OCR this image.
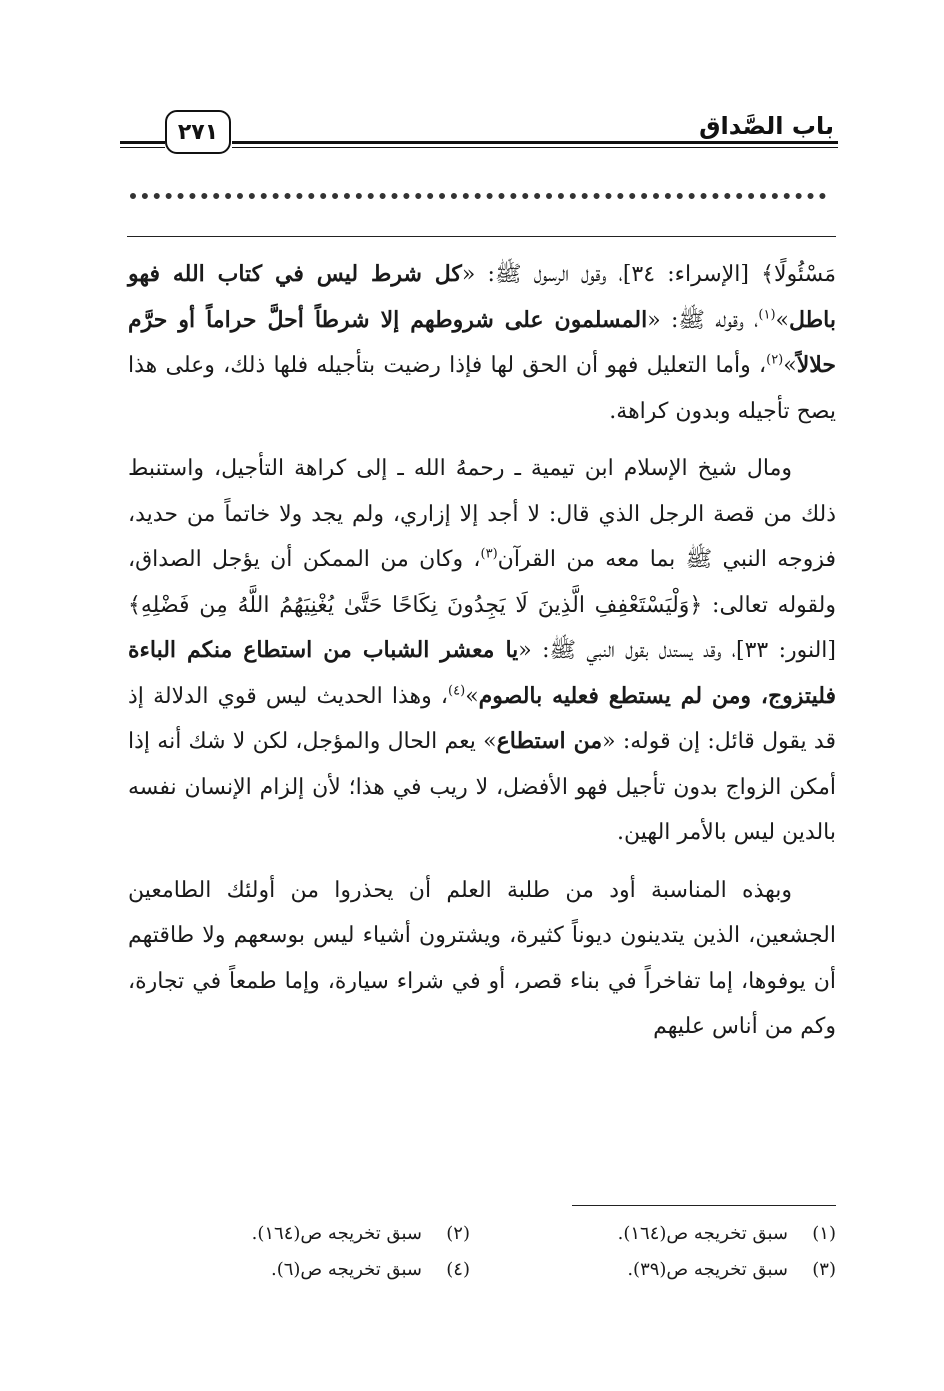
باب الصَّداق
٢٧١

مَسْئُولًا﴾ [الإسراء: ٣٤]، وقول الرسول ﷺ: «كل شرط ليس في كتاب الله فهو باطل»$^{(١)}$، وقوله ﷺ: «المسلمون على شروطهم إلا شرطاً أحلَّ حراماً أو حرَّم حلالاً»$^{(٢)}$، وأما التعليل فهو أن الحق لها فإذا رضيت بتأجيله فلها ذلك، وعلى هذا يصح تأجيله وبدون كراهة.

ومال شيخ الإسلام ابن تيمية ـ رحمهُ الله ـ إلى كراهة التأجيل، واستنبط ذلك من قصة الرجل الذي قال: لا أجد إلا إزاري، ولم يجد ولا خاتماً من حديد، فزوجه النبي ﷺ بما معه من القرآن$^{(٣)}$، وكان من الممكن أن يؤجل الصداق، ولقوله تعالى: ﴿وَلْيَسْتَعْفِفِ الَّذِينَ لَا يَجِدُونَ نِكَاحًا حَتَّىٰ يُغْنِيَهُمُ اللَّهُ مِن فَضْلِهِ﴾ [النور: ٣٣]، وقد يستدل بقول النبي ﷺ: «يا معشر الشباب من استطاع منكم الباءة فليتزوج، ومن لم يستطع فعليه بالصوم»$^{(٤)}$، وهذا الحديث ليس قوي الدلالة إذ قد يقول قائل: إن قوله: «من استطاع» يعم الحال والمؤجل، لكن لا شك أنه إذا أمكن الزواج بدون تأجيل فهو الأفضل، لا ريب في هذا؛ لأن إلزام الإنسان نفسه بالدين ليس بالأمر الهين.

وبهذه المناسبة أود من طلبة العلم أن يحذروا من أولئك الطامعين الجشعين، الذين يتدينون ديوناً كثيرة، ويشترون أشياء ليس بوسعهم ولا طاقتهم أن يوفوها، إما تفاخراً في بناء قصر، أو في شراء سيارة، وإما طمعاً في تجارة، وكم من أناس عليهم

(١)سبق تخريجه ص(١٦٤).
(٢)سبق تخريجه ص(١٦٤).
(٣)سبق تخريجه ص(٣٩).
(٤)سبق تخريجه ص(٦).
